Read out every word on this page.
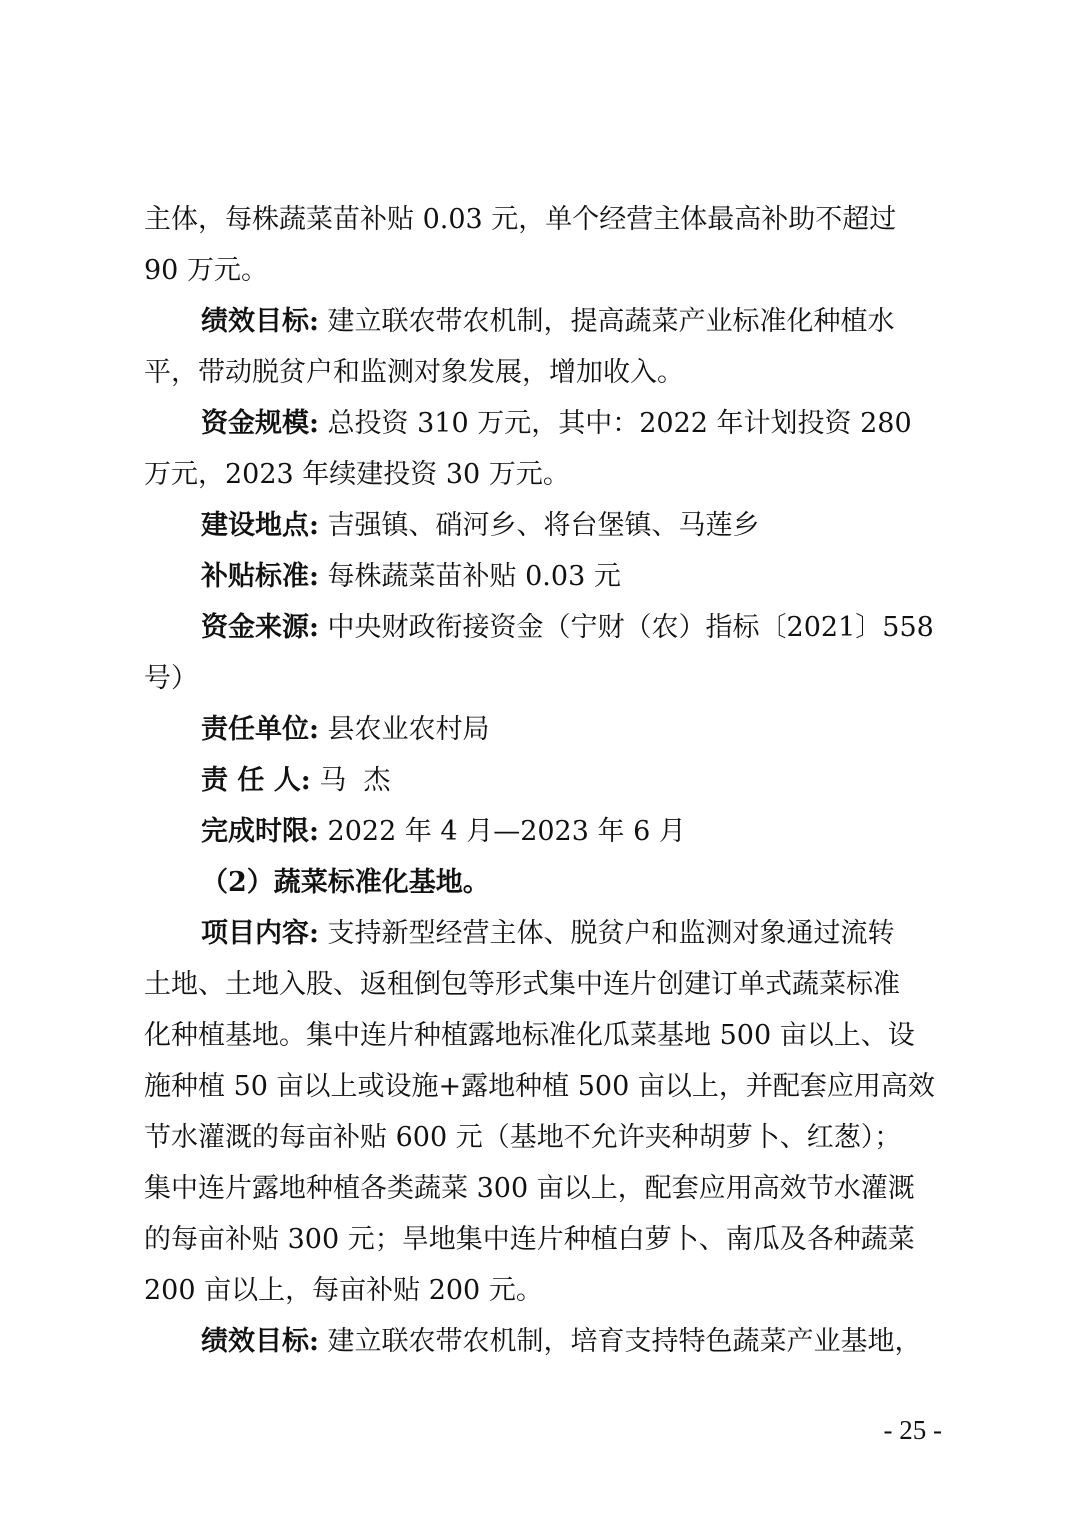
主体，每株蔬菜苗补贴 0.03 元，单个经营主体最高补助不超过

90 万元。

绩效目标: 建立联农带农机制，提高蔬菜产业标准化种植水

平，带动脱贫户和监测对象发展，增加收入。

资金规模: 总投资 310 万元，其中：2022 年计划投资 280

万元，2023 年续建投资 30 万元。

建设地点: 吉强镇、硝河乡、将台堡镇、马莲乡

补贴标准: 每株蔬菜苗补贴 0.03 元

资金来源: 中央财政衔接资金（宁财（农）指标〔2021〕558

号）

责任单位: 县农业农村局

责 任 人: 马  杰

完成时限: 2022 年 4 月—2023 年 6 月

（2）蔬菜标准化基地。

项目内容: 支持新型经营主体、脱贫户和监测对象通过流转

土地、土地入股、返租倒包等形式集中连片创建订单式蔬菜标准

化种植基地。集中连片种植露地标准化瓜菜基地 500 亩以上、设

施种植 50 亩以上或设施+露地种植 500 亩以上，并配套应用高效

节水灌溉的每亩补贴 600 元（基地不允许夹种胡萝卜、红葱）；

集中连片露地种植各类蔬菜 300 亩以上，配套应用高效节水灌溉

的每亩补贴 300 元；旱地集中连片种植白萝卜、南瓜及各种蔬菜

200 亩以上，每亩补贴 200 元。

绩效目标: 建立联农带农机制，培育支持特色蔬菜产业基地，

- 25 -
